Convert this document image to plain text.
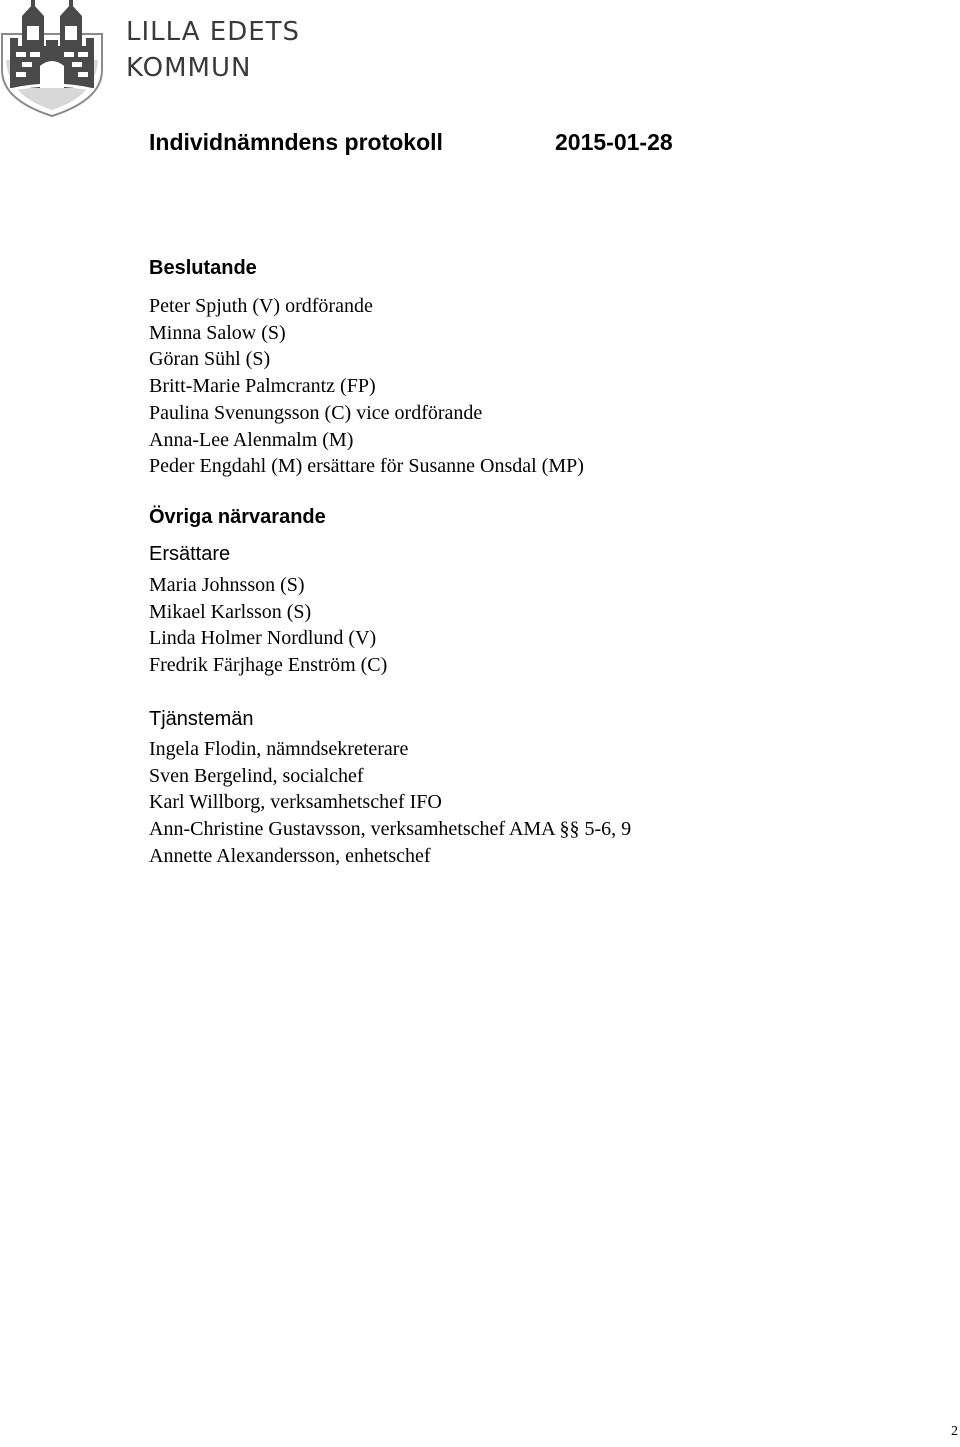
LILLA EDETS
KOMMUN
Individnämndens protokoll	2015-01-28
Beslutande
Peter Spjuth (V) ordförande
Minna Salow (S)
Göran Sühl (S)
Britt-Marie Palmcrantz (FP)
Paulina Svenungsson (C) vice ordförande
Anna-Lee Alenmalm (M)
Peder Engdahl (M) ersättare för Susanne Onsdal (MP)
Övriga närvarande
Ersättare
Maria Johnsson (S)
Mikael Karlsson (S)
Linda Holmer Nordlund (V)
Fredrik Färjhage Enström (C)
Tjänstemän
Ingela Flodin, nämndsekreterare
Sven Bergelind, socialchef
Karl Willborg, verksamhetschef IFO
Ann-Christine Gustavsson, verksamhetschef AMA §§ 5-6, 9
Annette Alexandersson, enhetschef
2
